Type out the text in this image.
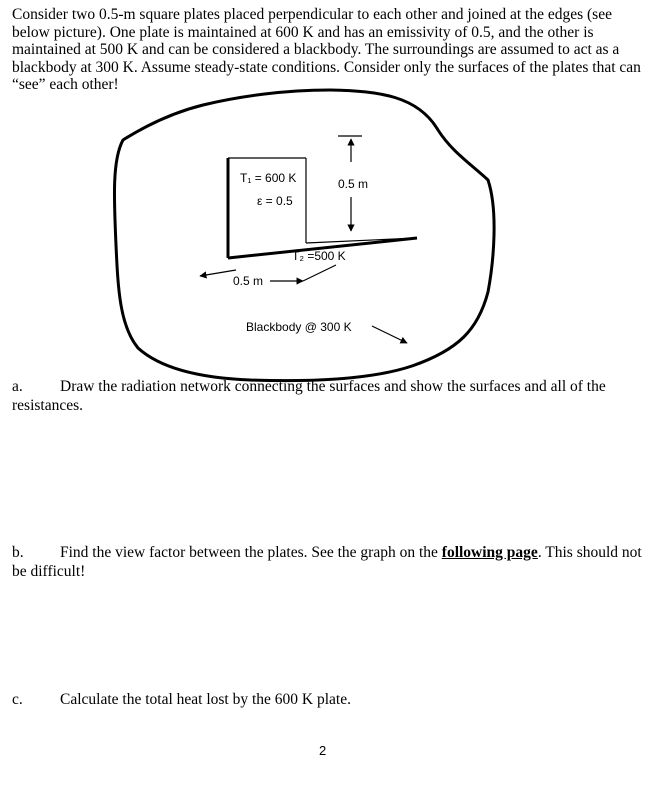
Consider two 0.5-m square plates placed perpendicular to each other and joined at the edges (see below picture). One plate is maintained at 600 K and has an emissivity of 0.5, and the other is maintained at 500 K and can be considered a blackbody. The surroundings are assumed to act as a blackbody at 300 K. Assume steady-state conditions. Consider only the surfaces of the plates that can “see” each other!

T₁ = 600 K
ε = 0.5
0.5 m
T₂ =500 K
0.5 m
Blackbody @ 300 K

a. Draw the radiation network connecting the surfaces and show the surfaces and all of the resistances.

b. Find the view factor between the plates. See the graph on the following page. This should not be difficult!

c. Calculate the total heat lost by the 600 K plate.

2
